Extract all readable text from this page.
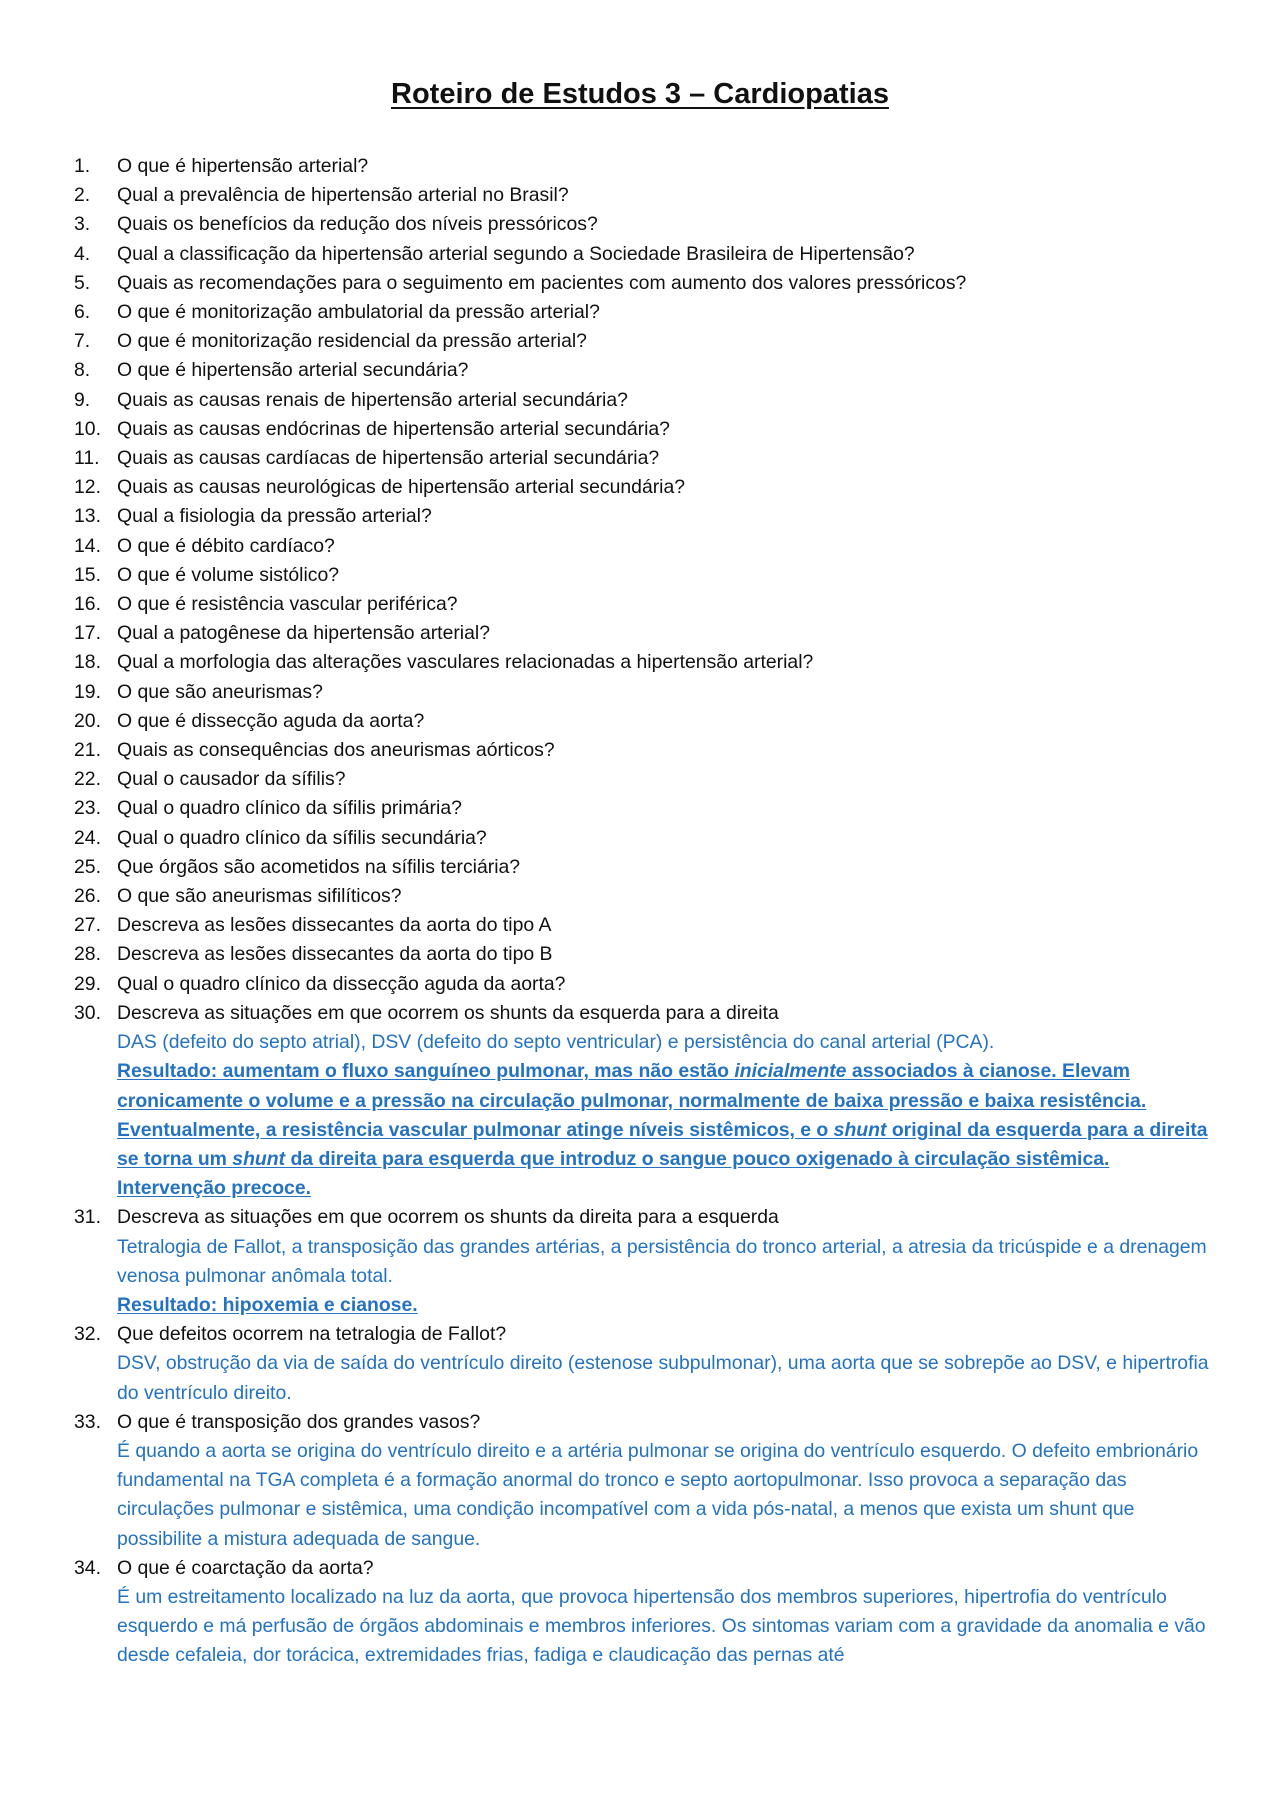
Roteiro de Estudos 3 – Cardiopatias
1.	O que é hipertensão arterial?
2.	Qual a prevalência de hipertensão arterial no Brasil?
3.	Quais os benefícios da redução dos níveis pressóricos?
4.	Qual a classificação da hipertensão arterial segundo a Sociedade Brasileira de Hipertensão?
5.	Quais as recomendações para o seguimento em pacientes com aumento dos valores pressóricos?
6.	O que é monitorização ambulatorial da pressão arterial?
7.	O que é monitorização residencial da pressão arterial?
8.	O que é hipertensão arterial secundária?
9.	Quais as causas renais de hipertensão arterial secundária?
10. Quais as causas endócrinas de hipertensão arterial secundária?
11. Quais as causas cardíacas de hipertensão arterial secundária?
12. Quais as causas neurológicas de hipertensão arterial secundária?
13. Qual a fisiologia da pressão arterial?
14. O que é débito cardíaco?
15. O que é volume sistólico?
16. O que é resistência vascular periférica?
17. Qual a patogênese da hipertensão arterial?
18. Qual a morfologia das alterações vasculares relacionadas a hipertensão arterial?
19. O que são aneurismas?
20. O que é dissecção aguda da aorta?
21. Quais as consequências dos aneurismas aórticos?
22. Qual o causador da sífilis?
23. Qual o quadro clínico da sífilis primária?
24. Qual o quadro clínico da sífilis secundária?
25. Que órgãos são acometidos na sífilis terciária?
26. O que são aneurismas sifilíticos?
27. Descreva as lesões dissecantes da aorta do tipo A
28. Descreva as lesões dissecantes da aorta do tipo B
29. Qual o quadro clínico da dissecção aguda da aorta?
30. Descreva as situações em que ocorrem os shunts da esquerda para a direita

DAS (defeito do septo atrial), DSV (defeito do septo ventricular) e persistência do canal arterial (PCA).

Resultado: aumentam o fluxo sanguíneo pulmonar, mas não estão inicialmente associados à cianose. Elevam cronicamente o volume e a pressão na circulação pulmonar, normalmente de baixa pressão e baixa resistência.

Eventualmente, a resistência vascular pulmonar atinge níveis sistêmicos, e o shunt original da esquerda para a direita se torna um shunt da direita para esquerda que introduz o sangue pouco oxigenado à circulação sistêmica.

Intervenção precoce.

31. Descreva as situações em que ocorrem os shunts da direita para a esquerda

Tetralogia de Fallot, a transposição das grandes artérias, a persistência do tronco arterial, a atresia da tricúspide e a drenagem venosa pulmonar anômala total.

Resultado: hipoxemia e cianose.

32. Que defeitos ocorrem na tetralogia de Fallot?

DSV, obstrução da via de saída do ventrículo direito (estenose subpulmonar), uma aorta que se sobrepõe ao DSV, e hipertrofia do ventrículo direito.

33. O que é transposição dos grandes vasos?

É quando a aorta se origina do ventrículo direito e a artéria pulmonar se origina do ventrículo esquerdo. O defeito embrionário fundamental na TGA completa é a formação anormal do tronco e septo aortopulmonar. Isso provoca a separação das circulações pulmonar e sistêmica, uma condição incompatível com a vida pós-natal, a menos que exista um shunt que possibilite a mistura adequada de sangue.

34. O que é coarctação da aorta?

É um estreitamento localizado na luz da aorta, que provoca hipertensão dos membros superiores, hipertrofia do ventrículo esquerdo e má perfusão de órgãos abdominais e membros inferiores. Os sintomas variam com a gravidade da anomalia e vão desde cefaleia, dor torácica, extremidades frias, fadiga e claudicação das pernas até
